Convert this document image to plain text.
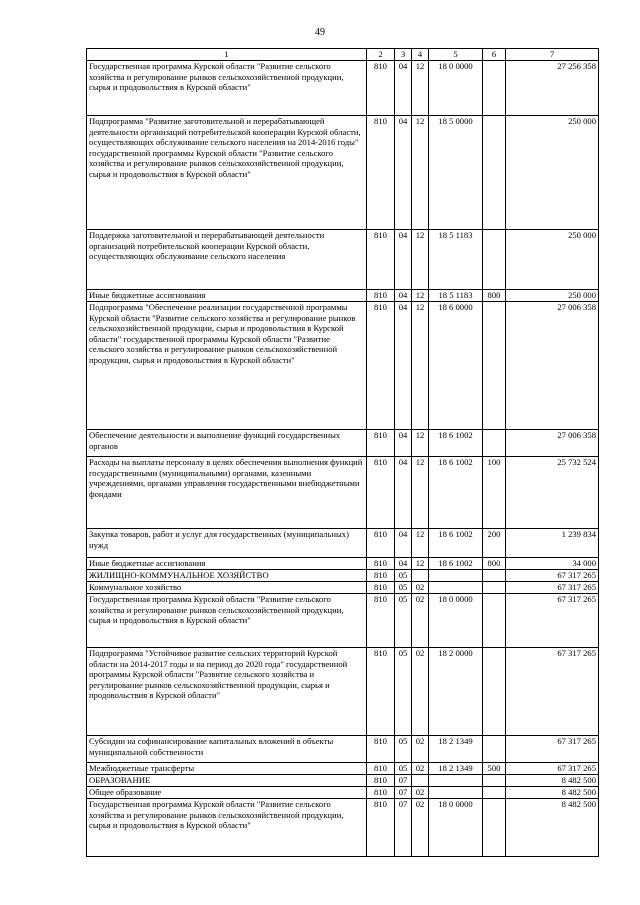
49
1	2	3	4	5	6	7
Государственная программа Курской области "Развитие сельского хозяйства и регулирование рынков сельскохозяйственной продукции, сырья и продовольствия в Курской области"	810	04	12	18 0 0000		27 256 358
Подпрограмма "Развитие заготовительной и перерабатывающей деятельности организаций потребительской кооперации Курской области, осуществляющих обслуживание сельского населения на 2014-2016 годы" государственной программы Курской области "Развитие сельского хозяйства и регулирование рынков сельскохозяйственной продукции, сырья и продовольствия в Курской области"	810	04	12	18 5 0000		250 000
Поддержка заготовительной и перерабатывающей деятельности организаций потребительской кооперации Курской области, осуществляющих обслуживание сельского населения	810	04	12	18 5 1183		250 000
Иные бюджетные ассигнования	810	04	12	18 5 1183	800	250 000
Подпрограмма "Обеспечение реализации государственной программы Курской области "Развитие сельского хозяйства и регулирование рынков сельскохозяйственной продукции, сырья и продовольствия в Курской области" государственной программы Курской области "Развитие сельского хозяйства и регулирование рынков сельскохозяйственной продукции, сырья и продовольствия в Курской области"	810	04	12	18 6 0000		27 006 358
Обеспечение деятельности и выполнение функций государственных органов	810	04	12	18 6 1002		27 006 358
Расходы на выплаты персоналу в целях обеспечения выполнения функций государственными (муниципальными) органами, казенными учреждениями, органами управления государственными внебюджетными фондами	810	04	12	18 6 1002	100	25 732 524
Закупка товаров, работ и услуг для государственных (муниципальных) нужд	810	04	12	18 6 1002	200	1 239 834
Иные бюджетные ассигнования	810	04	12	18 6 1002	800	34 000
ЖИЛИЩНО-КОММУНАЛЬНОЕ ХОЗЯЙСТВО	810	05				67 317 265
Коммунальное хозяйство	810	05	02			67 317 265
Государственная программа Курской области "Развитие сельского хозяйства и регулирование рынков сельскохозяйственной продукции, сырья и продовольствия в Курской области"	810	05	02	18 0 0000		67 317 265
Подпрограмма "Устойчивое развитие сельских территорий Курской области на 2014-2017 годы и на период до 2020 года" государственной программы Курской области "Развитие сельского хозяйства и регулирование рынков сельскохозяйственной продукции, сырья и продовольствия в Курской области"	810	05	02	18 2 0000		67 317 265
Субсидии на софинансирование капитальных вложений в объекты муниципальной собственности	810	05	02	18 2 1349		67 317 265
Межбюджетные трансферты	810	05	02	18 2 1349	500	67 317 265
ОБРАЗОВАНИЕ	810	07				8 482 500
Общее образование	810	07	02			8 482 500
Государственная программа Курской области "Развитие сельского хозяйства и регулирование рынков сельскохозяйственной продукции, сырья и продовольствия в Курской области"	810	07	02	18 0 0000		8 482 500
